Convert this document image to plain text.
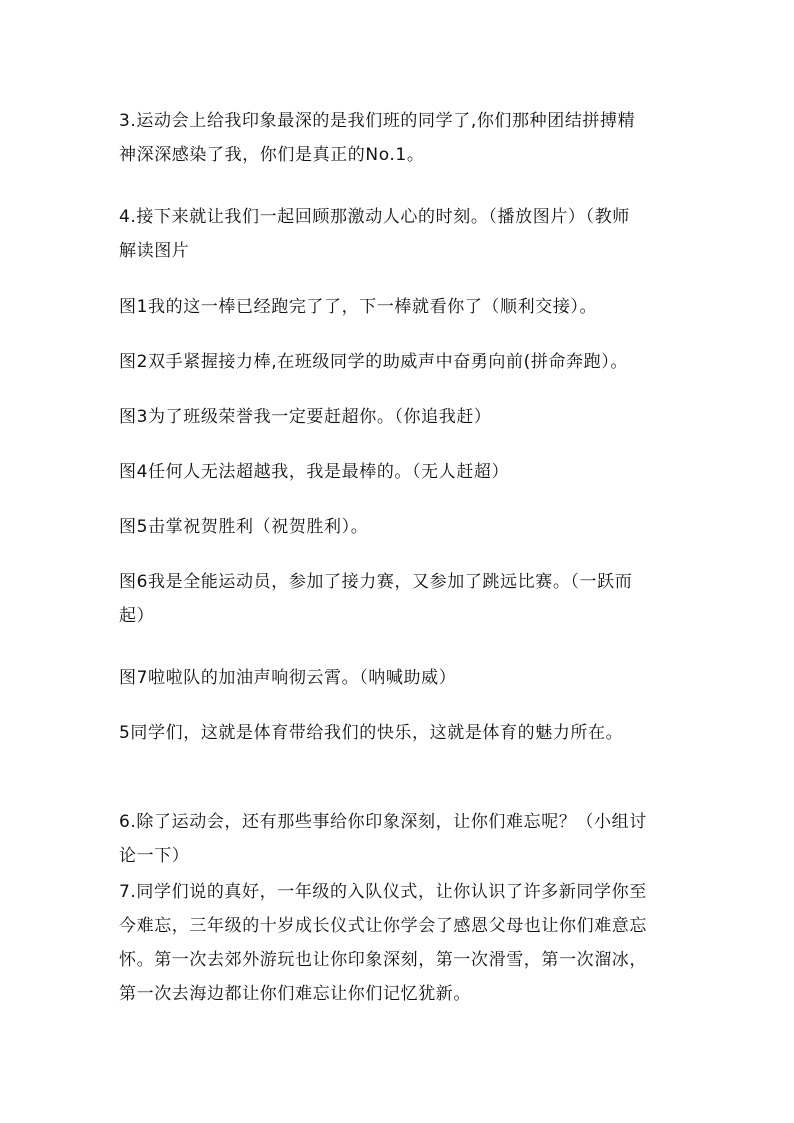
3.运动会上给我印象最深的是我们班的同学了,你们那种团结拼搏精
神深深感染了我，你们是真正的No.1。

4.接下来就让我们一起回顾那激动人心的时刻。（播放图片）（教师
解读图片

图1我的这一棒已经跑完了了，下一棒就看你了（顺利交接）。

图2双手紧握接力棒,在班级同学的助威声中奋勇向前(拼命奔跑）。

图3为了班级荣誉我一定要赶超你。（你追我赶）

图4任何人无法超越我，我是最棒的。（无人赶超）

图5击掌祝贺胜利（祝贺胜利）。

图6我是全能运动员，参加了接力赛，又参加了跳远比赛。（一跃而
起）

图7啦啦队的加油声响彻云霄。（呐喊助威）

5同学们，这就是体育带给我们的快乐，这就是体育的魅力所在。

6.除了运动会，还有那些事给你印象深刻，让你们难忘呢？（小组讨
论一下）

7.同学们说的真好，一年级的入队仪式，让你认识了许多新同学你至
今难忘，三年级的十岁成长仪式让你学会了感恩父母也让你们难意忘
怀。第一次去郊外游玩也让你印象深刻，第一次滑雪，第一次溜冰，
第一次去海边都让你们难忘让你们记忆犹新。
